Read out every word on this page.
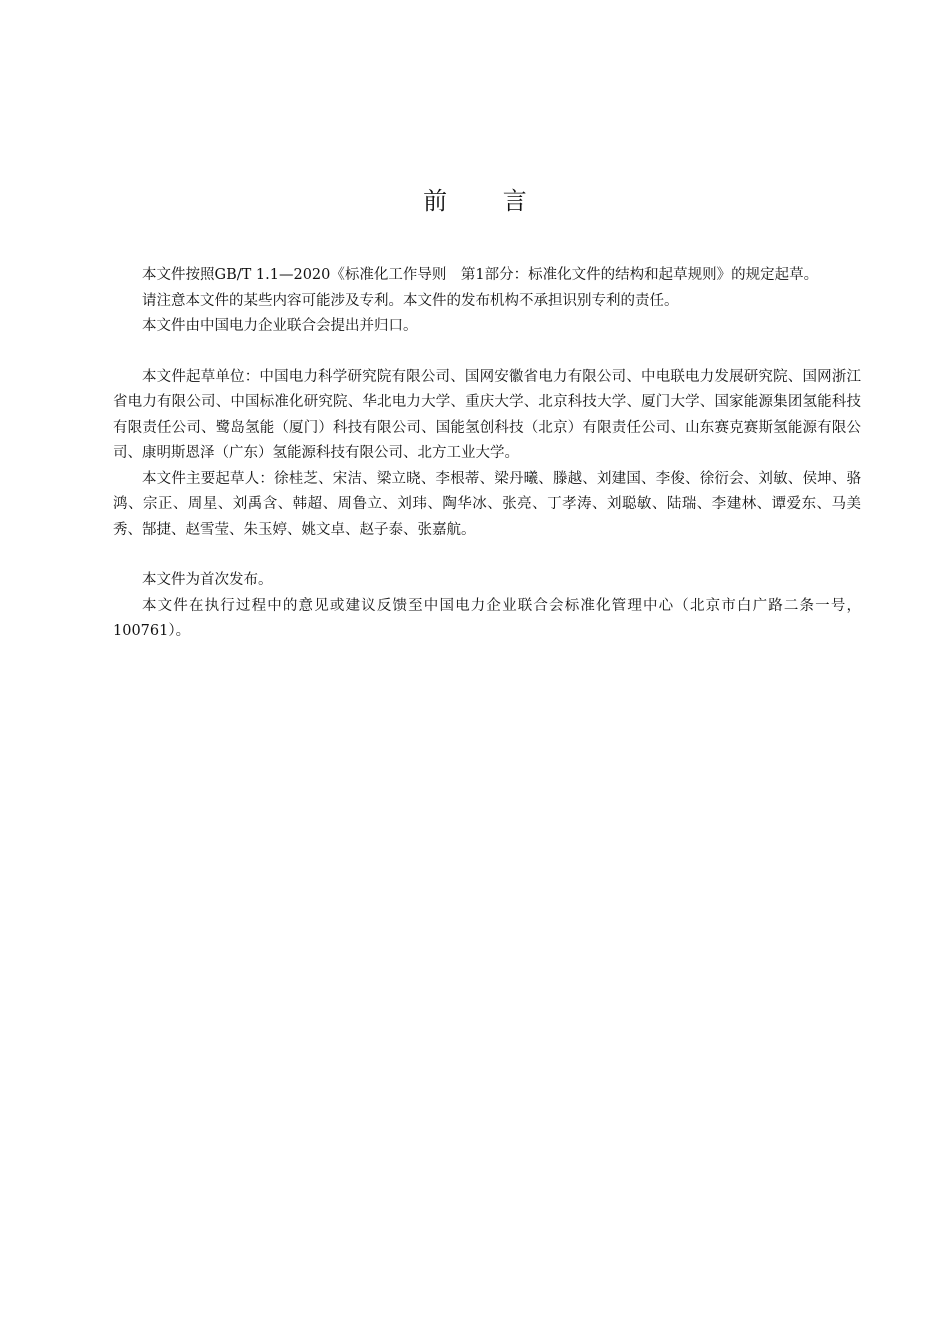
前 言

本文件按照GB/T 1.1—2020《标准化工作导则　第1部分：标准化文件的结构和起草规则》的规定起草。

请注意本文件的某些内容可能涉及专利。本文件的发布机构不承担识别专利的责任。

本文件由中国电力企业联合会提出并归口。

本文件起草单位：中国电力科学研究院有限公司、国网安徽省电力有限公司、中电联电力发展研究院、国网浙江省电力有限公司、中国标准化研究院、华北电力大学、重庆大学、北京科技大学、厦门大学、国家能源集团氢能科技有限责任公司、鹭岛氢能（厦门）科技有限公司、国能氢创科技（北京）有限责任公司、山东赛克赛斯氢能源有限公司、康明斯恩泽（广东）氢能源科技有限公司、北方工业大学。

本文件主要起草人：徐桂芝、宋洁、梁立晓、李根蒂、梁丹曦、滕越、刘建国、李俊、徐衍会、刘敏、侯坤、骆鸿、宗正、周星、刘禹含、韩超、周鲁立、刘玮、陶华冰、张亮、丁孝涛、刘聪敏、陆瑞、李建林、谭爱东、马美秀、郜捷、赵雪莹、朱玉婷、姚文卓、赵子泰、张嘉航。

本文件为首次发布。

本文件在执行过程中的意见或建议反馈至中国电力企业联合会标准化管理中心（北京市白广路二条一号，100761）。
